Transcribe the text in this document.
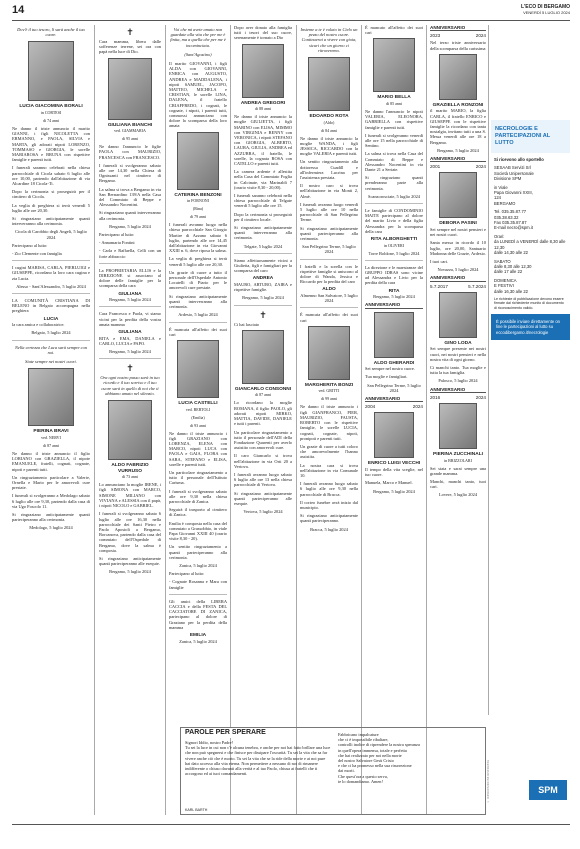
14	L'ECO DI BERGAMO
VENERDÌ 5 LUGLIO 2024
Dov'è il tuo tesoro, lì sarà anche il tuo cuore.
LUCIA GIACOMINA BORALI
in CORTESI
di 74 anni
Ne danno il triste annuncio il marito GIANNI, i figli NICOLETTA con ERMANNO, e PAOLA, SILVIA e MARTA, gli adorati nipoti LORENZO, TOMMASO e GIORGIA, le sorelle MARIAROSA e BRUNA con rispettive famiglie e parenti tutti.
I funerali saranno celebrati nella chiesa parrocchiale di Cicola sabato 6 luglio alle ore 10,00, partendo dall'abitazione di via Alcardine 18 Cicola-Ti.
Dopo la cerimonia si proseguirà per il cimitero di Cicola.
La veglia di preghiera si terrà venerdì 5 luglio alle ore 20,30.
Si ringraziano anticipatamente quanti interverranno alla cerimonia.
Cicola di Carobbio degli Angeli, 5 luglio 2024
Partecipano al lutto:
- Zio Clemente con famiglia
I cugini MARISA, CARLA, PIERLUIGI e GIUSEPPE, ricordano la loro cara cugina e zia Lucia.
Alesso - Sant'Alessandro, 5 luglio 2024
LA COMUNITÀ CRISTIANA DI BELENO in Belgaio accompagna nella preghiera
LUCIA
la cara amica e collaboratrice.
Belgaio, 5 luglio 2024
Nella certezza che Luca sarà sempre con noi.
Siate sempre nei nostri cuori.
PIERINA BRAVI
ved. NERVI
di 87 anni
Ne danno il triste annuncio il figlio LORIANO con GRAZIELLA, il nipote EMANUELE, fratelli, cognati, cognate, nipoti e parenti tutti.
Un ringraziamento particolare a Valerie, Ornella e Mario per le amorevoli cure prestate.
I funerali si svolgeranno a Medolago sabato 6 luglio alle ore 9,30, partendo dalla casa di via Ugo Foscolo 11.
Si ringraziano anticipatamente quanti parteciperanno alla cerimonia.
Medolago, 5 luglio 2024
✝
Cara mamma, libera dalle sofferenze terrene, sei ora con papà nella luce di Dio.
GIULIANA BIANCHI
ved. GIAMMARIA
di 95 anni
Ne danno l'annuncio le figlie PAOLA con MAURIZIO, FRANCESCA con FRANCESCO.
I funerali si svolgeranno sabato alle ore 14,30 nella Chiesa di Ognissanti nel cimitero di Bergamo.
La salma si trova a Bergamo in via San Bernardino 139/A nella Casa del Commiato di Beppe e Alessandro Nocentini.
Si ringraziano quanti interverranno alla cerimonia.
Bergamo, 5 luglio 2024
Partecipano al lutto:
- Annamaria Fontini
- Carla e Raffaella, Celli con un forte abbraccio
La PROPRIETARIA ELLIS e la DIREZIONE si associano al dolore delle famiglie per la scomparsa della cara
GIULIANA
Bergamo, 5 luglio 2024
Cara Francesca e Paola, vi siamo vicini per la perdita della vostra amata mamma
GIULIANA
RITA e EMA, DANIELA e CARLO, LUCIA e PAPO.
Bergamo, 5 luglio 2024
✝
Ora ogni nostro passo sarà in tuo ricordo e il tuo sorriso e il tuo cuore sarà in quello di noi che ti abbiamo amato nel silenzio.
ALDO FABRIZIO VURRUSO
di 73 anni
Lo annunciano la moglie IRENE, i figli SIMONA con MARCO, SIMONE MILIANO con VIVIANA e ALESSIA con il papà, i nipoti NICOLO e GABRIEL.
I funerali si svolgeranno sabato 6 luglio alle ore 16,30 nella parrocchiale dei Santi Pietro e Paolo Apostoli a Bergamo, Borcanova, partendo dalla casa del commiato dell'Ospedale di Bergamo, dove la salma è composta.
Si ringraziano anticipatamente quanti parteciperanno alle esequie.
Bergamo, 5 luglio 2024
Voi che mi avete amato non guardate alla vita che per me è finita, ma a quella che per me è incominciata.
(Sant'Agostino)
Il marito GIOVANNI, i figli ALDA con GIOVANNI, ENRICA con AUGUSTO, ANDREA e MADDALENA, i nipoti SAMUEL, JACOPO, MATTEO, MICHELA e CRISTIAN, le sorelle LINA, DALENA, il fratello CRIAFFREDO, i cognati, le cognate, i nipoti, i parenti tutti, commossi annunciano con dolore la scomparsa della loro amata
CATERINA BENZONI
in FORNONI
(Rina)
di 79 anni
I funerali avranno luogo nella chiesa parrocchiale San Giorgio Martire di Azzano sabato 6 luglio, partendo alle ore 14,45 dall'abitazione in via Giovanni XXIII n. 6, dove riposa la salma.
La veglia di preghiera si terrà venerdì 5 luglio alle ore 20,30.
Un grazie di cuore a tutto il personale dell'Ospedale Antonio Locatelli di Piario per le amorevoli cure prestate.
Si ringraziano anticipatamente quanti interverranno alla cerimonia.
Ardesio, 5 luglio 2024
È mancata all'affetto dei suoi cari
LUCIA CASTELLI
ved. BERTOLI
(Emilia)
di 93 anni
Ne danno il triste annuncio i figli GRAZIANO con LORENZA, ELENA con MARCO, nipoti LUCA con PAOLA e GAIA, FLORA con SARA, STEFANO e ELISA, sorelle e parenti tutti.
Un particolare ringraziamento a tutto il personale dell'Istituto Carisma.
I funerali si svolgeranno sabato alle ore 9,30 nella chiesa parrocchiale di Zanica.
Seguirà il trasporto al cimitero di Zanica.
Emilia è composta nella casa del commiato a Grassobbio, in viale Papa Giovanni XXIII 40 (orario visite 8,30 - 20).
Un sentito ringraziamento a quanti parteciperanno alla cerimonia.
Zanica, 5 luglio 2024
Partecipano al lutto:
- Cognate Rosanna e Mara con famiglie
Gli amici della LIBERA CACCIA e della FESTA DEL CACCIATORE DI ZANICA, partecipano al dolore di Graziano per la perdita della mamma
EMILIA
Zanica, 5 luglio 2024
Dopo aver donato alla famiglia tutti i tesori del suo cuore, serenamente è tornato a Dio
ANDREA GREGORI
di 88 anni
Ne danno il triste annuncio la moglie GIULIETTA, i figli MARINO con ELISA, MIMMO con VIRGINIA e BENNY con VERONICA, i nipoti STEFANO con GIORGIA, ALBERTO, LAURA, GIULIA, ANDREA ed AZZURRA, il fratello, le sorelle, la cognata ROSA con CATELLO e parenti tutti.
La camera ardente è allestita nella Casa del Commiato Foglia in Calcinate, via Marinaldi 7 (orario visite 8,30 - 20,00).
I funerali saranno celebrati nella chiesa parrocchiale di Telgate venerdì 5 luglio alle ore 15.
Dopo la cerimonia si proseguirà per il cimitero locale.
Si ringraziano anticipatamente quanti interverranno alla cerimonia.
Telgate, 5 luglio 2024
Siamo affettuosamente vicini a Giulietta, figli e famigliari per la scomparsa del caro
ANDREA
MAURO, ARTURO, ZAIRA e rispettive famiglie.
Bergamo, 5 luglio 2024
✝
Ci hai lasciato
GIANCARLO CONSONNI
di 87 anni
Lo ricordano la moglie ROMANA, il figlio PAOLO, gli adorati nipoti MIRKO, MATTIA, DAVIDE, DANIELE e tutti i parenti.
Un particolare ringraziamento a tutto il personale dell'ADI della Fondazione Quarenti per averlo assistito con amorevoli cure.
Il caro Giancarlo si trova nell'abitazione in via Orti 20 a Vertova.
I funerali avranno luogo sabato 6 luglio alle ore 13 nella chiesa parrocchiale di Vertova.
Si ringraziano anticipatamente quanti parteciperanno alle esequie.
Vertova, 5 luglio 2024
Insieme a te è volato in Cielo un pezzo del nostro cuore. Continuerai a vivere con gioia, sicuri che un giorno ci ritroveremo.
EDOARDO ROTA
(Aldo)
di 84 anni
Ne danno il triste annuncio la moglie WANDA, i figli JESSICA, RICCARDO con la moglie VALERIA e parenti tutti.
Un sentito ringraziamento alla dottoressa Cuadill e all'infermiera Lucrina per l'assistenza prestata.
Il nostro caro si trova nell'abitazione in via Monti 2, Almè.
I funerali avranno luogo venerdì 5 luglio alle ore 10 nella parrocchiale di San Pellegrino Terme.
Si ringraziano anticipatamente quanti parteciperanno alla cerimonia.
San Pellegrino Terme, 5 luglio 2024
I fratelli e la sorella con le rispettive famiglie si uniscono al dolore di Wanda, Jessica e Riccardo per la perdita del caro
ALDO
Almenno San Salvatore, 5 luglio 2024
È mancata all'affetto dei suoi cari
MARGHERITA BONZI
ved. GRITTI
di 99 anni
Ne danno il triste annuncio i figli GIANFRANCO, PIER, MAURIZIO, FAUSTA, ROBERTO con le rispettive famiglie, le sorelle LUCIA, cognati, cognate, nipoti, pronipoti e parenti tutti.
Un grazie di cuore a tutti coloro che amorevolmente l'hanno assistita.
La nostra cara si trova nell'abitazione in via Comunale 10.
I funerali avranno luogo sabato 6 luglio alle ore 9,30 nella parrocchiale di Bracca.
Il corteo funebre avrà inizio dal municipio.
Si ringraziano anticipatamente quanti parteciperanno.
Bracca, 5 luglio 2024
È mancato all'affetto dei suoi cari
MARIO BELLA
di 85 anni
Ne danno l'annuncio le nipoti VALERIA, ELEONORA, GABRIELLA con rispettive famiglie e parenti tutti.
I funerali si svolgeranno venerdì alle ore 15 nella parrocchiale di Sentino.
La salma si trova nella Casa del Commiato di Beppe e Alessandro Nocentini in via Dante 21 a Seriate.
Si ringraziano quanti prenderanno parte alla cerimonia.
Scanzorosciate, 5 luglio 2024
Le famiglie di CONDOMINIO MAITE partecipano al dolore del marito Livio e della figlia Alessandra per la scomparsa della cara
RITA ALBORGHETTI
in OLIVERI
Torre Boldone, 5 luglio 2024
La direzione e le maestranze del GRUPPO IDRAS sono vicine ad Alessandra e Livio per la perdita della cara
RITA
Bergamo, 5 luglio 2024
ANNIVERSARIO
ALDO GHERARDI
Sei sempre nel nostro cuore.
Tua moglie e famigliari.
San Pellegrino Terme, 5 luglio 2024
ANNIVERSARIO
2004	2024
ENRICO LUIGI VECCHI
Il tempo della vita sceglie, nel tuo cuore.
Manuela, Marco e Manuel.
Bergamo, 5 luglio 2024
ANNIVERSARIO
2023	2024
Nel terzo triste anniversario della scomparsa della carissima
GRAZIELLA RONZONI
il marito MARIO, la figlia CARLA, il fratello ENRICO e GIUSEPPE con le rispettive famiglie la ricordano con tanta nostalgia, invitano tutti a una S. Messa venerdì alle ore 18 a Bergamo.
Bergamo, 5 luglio 2024
ANNIVERSARIO
2001	2024
DEBORA PASINI
Sei sempre nel nostri pensieri e nei nostri cuori.
Santa messa in ricordo il 10 luglio, ore 20,00, Santuario Madonna delle Grazie, Ardesio.
I tuoi cari.
Novazza, 5 luglio 2024
ANNIVERSARIO
5.7.2017	5.7.2024
GINO LODA
Sei sempre presente nei nostri cuori, nei nostri pensieri e nella nostra vita di ogni giorno.
Ci manchi tanto. Tua moglie e tutta la tua famiglia.
Palosco, 5 luglio 2024
ANNIVERSARIO
2016	2024
PIERINA ZUCCHINALI
in BRIZZOLARI
Sei stata e sarai sempre una grande mamma.
Manchi, manchi tanto, tuoi cari.
Lovere, 5 luglio 2024
NECROLOGIE E PARTECIPAZIONI AL LUTTO
Si ricevono allo sportello
SESAAB Servizi Srl
Società Unipersonale
Divisione SPM
in Viale
Papa Giovanni XXIII,
124
BERGAMO
Tel. 035.35.87.77
035.38.63.32
Fax 035.35.87.87
E-mail necro@spm.it
Orari:
da LUNEDÌ a VENERDÌ dalle 8,30 alle 12,30
dalle 14,30 alle 22
SABATO
dalle 8,30 alle 12,30
dalle 17 alle 22
DOMENICA
E FESTIVI
dalle 16,30 alle 22
Le richieste di pubblicazione devono essere firmate dal richiedente munito di documento di riconoscimento valido.
È possibile inviare direttamente on line le partecipazioni al lutto su eccodibergamo.it/necrologie
PAROLE PER SPERARE
Signori Iddio, nostro Padre!
Tu sei la luce in cui non c'è alcuna tenebra, e anche per noi hai fatto brillare una luce che non può spegnersi e che finisce per dissipare l'oscurità. Tu sei la vita che sa far vivere anche ciò che è morto. Tu sei la vita che se la ride della morte e ai noi pure hai dato accesso alla vita eterna. Non permettere a nessuno di noi di rimanere indifferente o chiuso davanti alla verità e al tuo Paolo, chiusa ai fratelli che ti accorgono ed ai tuoi comandamenti.
KARL BARTH
Fabbricano impalcature
che ci è impossibile ribaltare,
controlli inoltre di riprendere la nostra speranza
in quell'opera immensa, totale e perfetta
che hai realizzato per noi nella morte
del nostro Salvatore Gesù Cristo
e che ci ha promesso nella sua risurrezione
dai morti.
Che quest'ora a questo serva,
te lo domandiamo. Amen!	© RIPRODUZIONE RISERVATA	SPM
